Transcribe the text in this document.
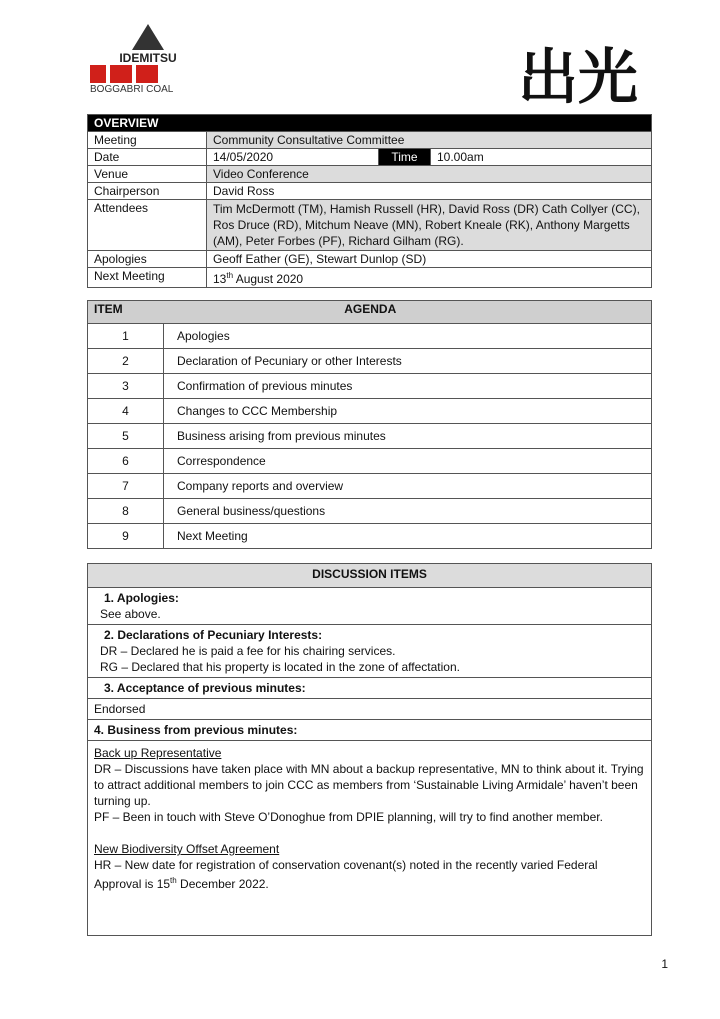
IDEMITSU
BOGGABRI COAL	出光
OVERVIEW			
Meeting	Community Consultative Committee		
Date	14/05/2020	Time	10.00am
Venue	Video Conference		
Chairperson	David Ross		
Attendees	Tim McDermott (TM), Hamish Russell (HR), David Ross (DR) Cath Collyer (CC), Ros Druce (RD), Mitchum Neave (MN), Robert Kneale (RK), Anthony Margetts (AM), Peter Forbes (PF), Richard Gilham (RG).		
Apologies	Geoff Eather (GE), Stewart Dunlop (SD)		
Next Meeting	13th August 2020		
ITEM	AGENDA
1	Apologies
2	Declaration of Pecuniary or other Interests
3	Confirmation of previous minutes
4	Changes to CCC Membership
5	Business arising from previous minutes
6	Correspondence
7	Company reports and overview
8	General business/questions
9	Next Meeting
DISCUSSION ITEMS

1. Apologies:
See above.

2. Declarations of Pecuniary Interests:
DR – Declared he is paid a fee for his chairing services.
RG – Declared that his property is located in the zone of affectation.

3. Acceptance of previous minutes:
Endorsed
4. Business from previous minutes:

Back up Representative
DR – Discussions have taken place with MN about a backup representative, MN to think about it. Trying to attract additional members to join CCC as members from ‘Sustainable Living Armidale’ haven’t been turning up.
PF – Been in touch with Steve O’Donoghue from DPIE planning, will try to find another member.
New Biodiversity Offset Agreement
HR – New date for registration of conservation covenant(s) noted in the recently varied Federal Approval is 15th December 2022.
1
